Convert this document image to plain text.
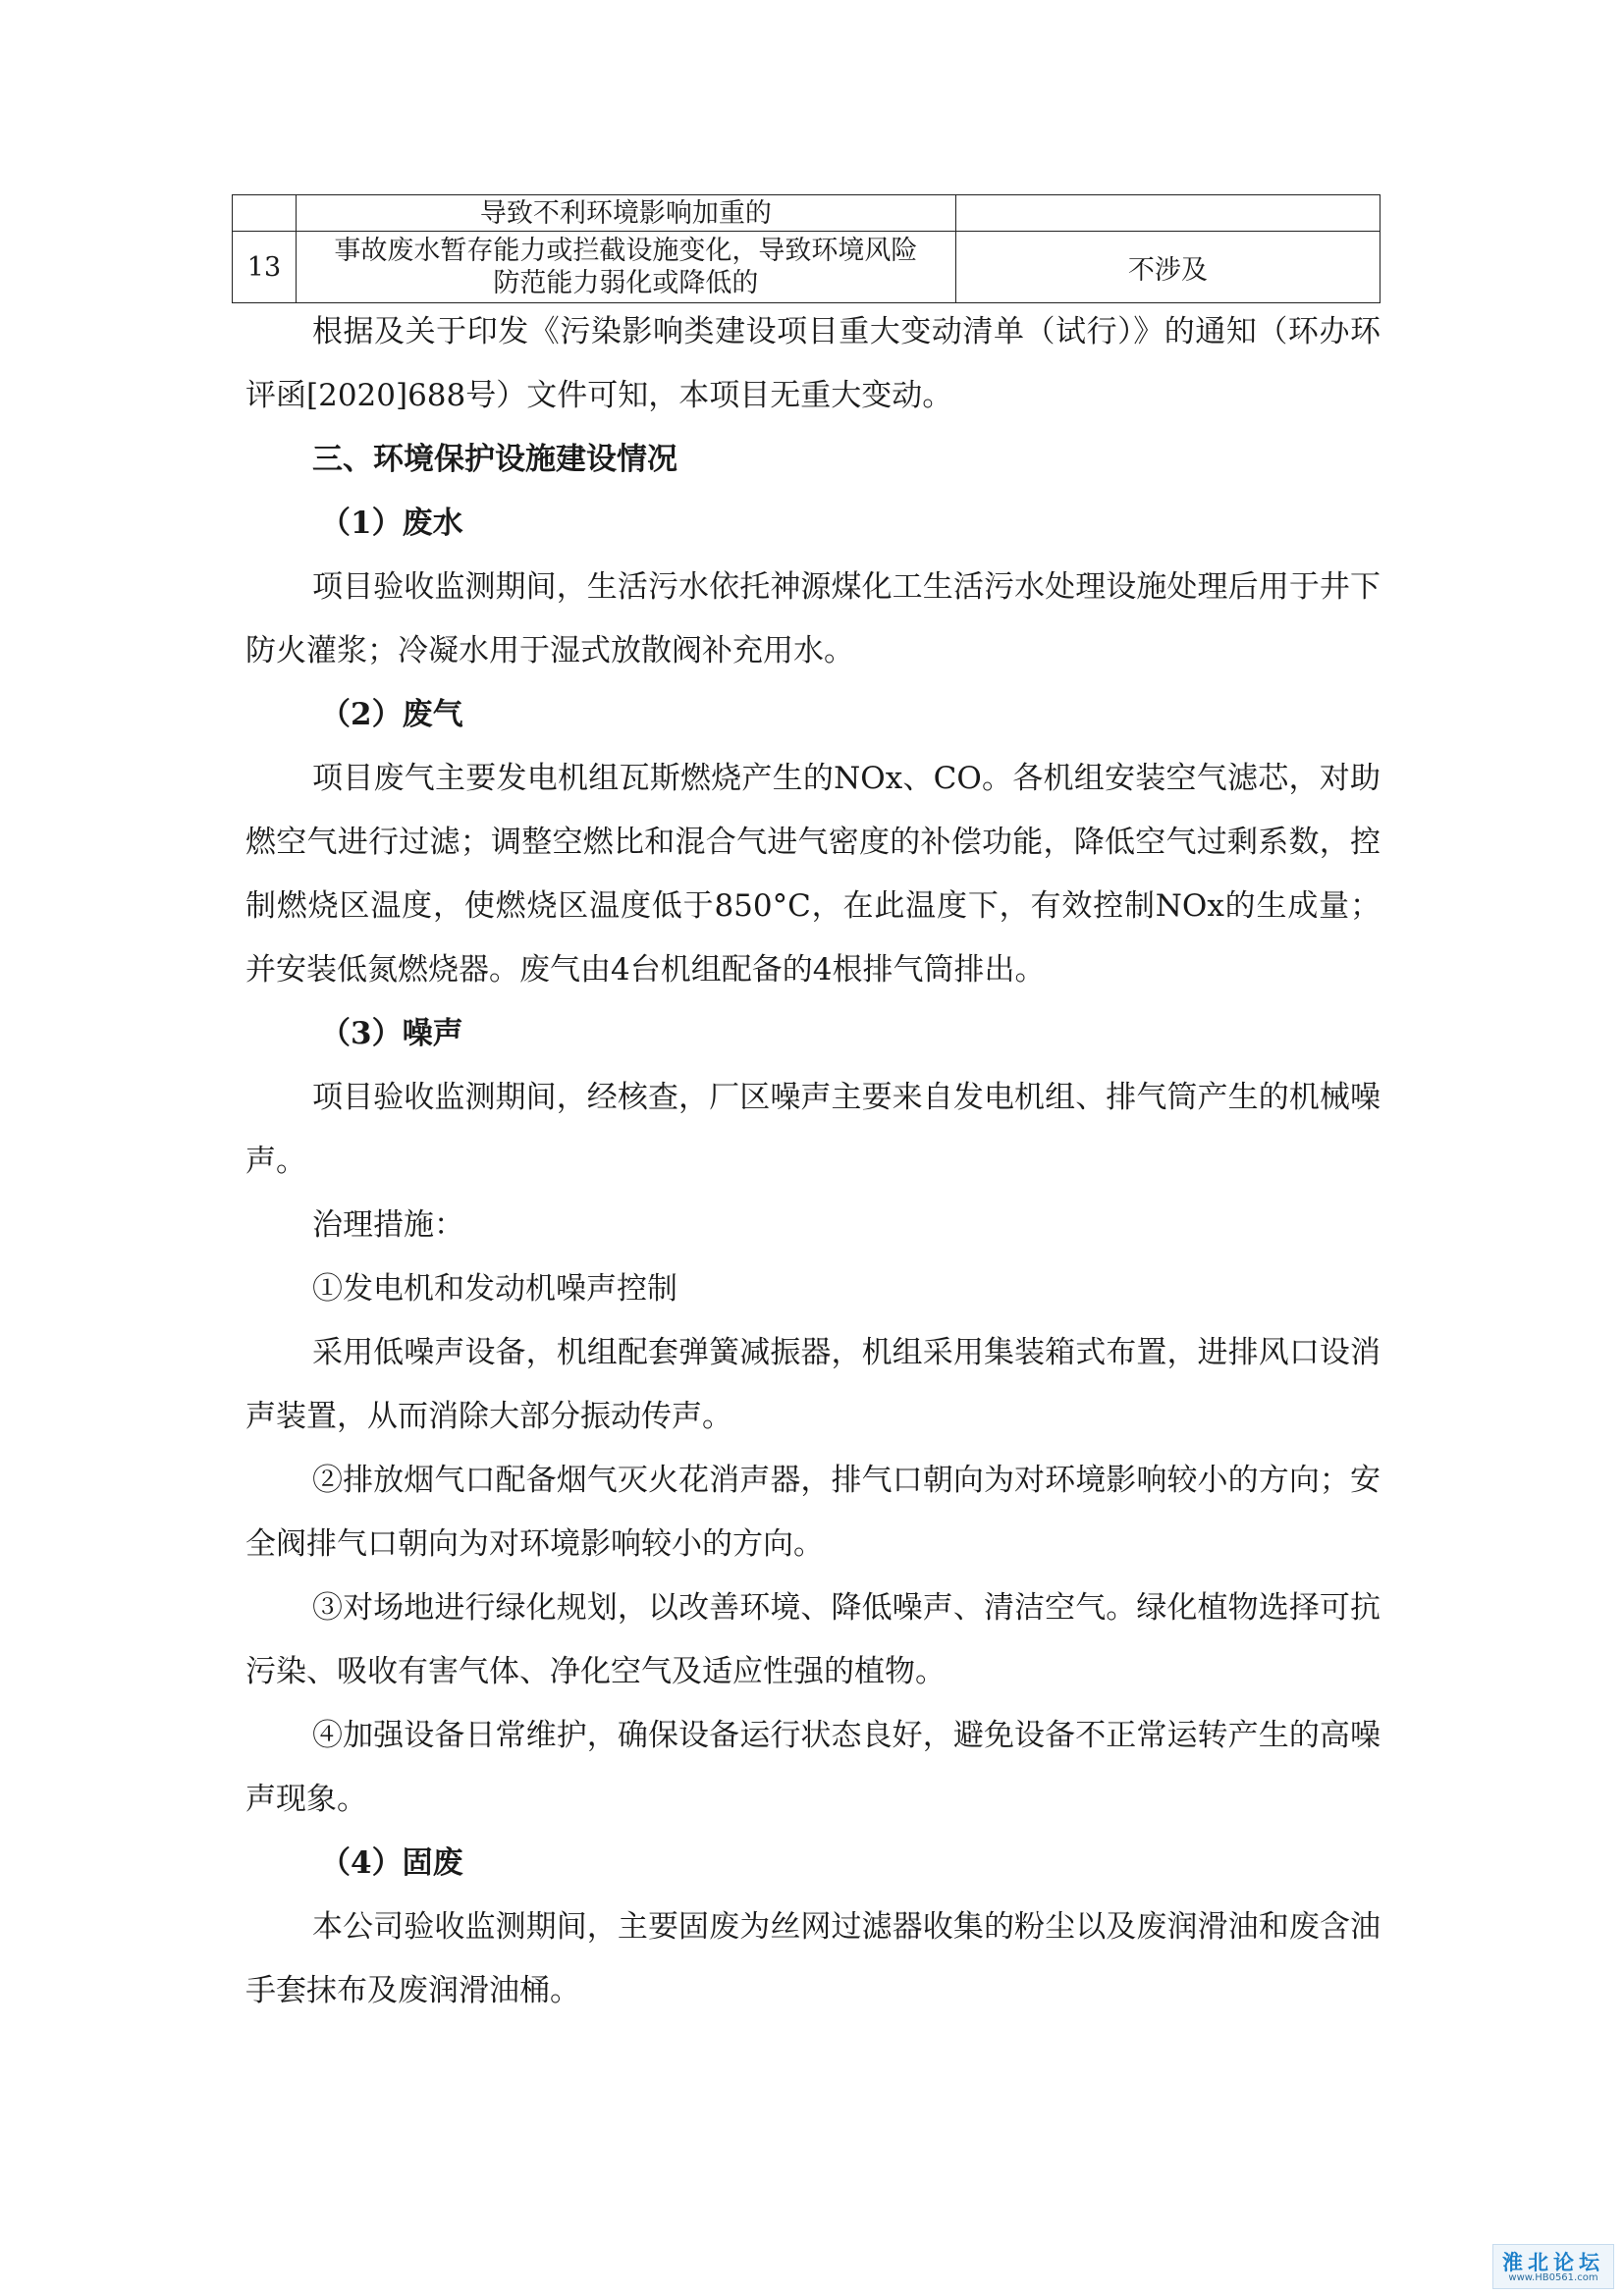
	导致不利环境影响加重的	
13	事故废水暂存能力或拦截设施变化，导致环境风险
防范能力弱化或降低的	不涉及

根据及关于印发《污染影响类建设项目重大变动清单（试行）》的通知（环办环评函[2020]688号）文件可知，本项目无重大变动。

三、环境保护设施建设情况
（1）废水

项目验收监测期间，生活污水依托神源煤化工生活污水处理设施处理后用于井下防火灌浆；冷凝水用于湿式放散阀补充用水。

（2）废气

项目废气主要发电机组瓦斯燃烧产生的NOx、CO。各机组安装空气滤芯，对助燃空气进行过滤；调整空燃比和混合气进气密度的补偿功能，降低空气过剩系数，控制燃烧区温度，使燃烧区温度低于850°C，在此温度下，有效控制NOx的生成量；并安装低氮燃烧器。废气由4台机组配备的4根排气筒排出。

（3）噪声

项目验收监测期间，经核查，厂区噪声主要来自发电机组、排气筒产生的机械噪声。

治理措施：

①发电机和发动机噪声控制

采用低噪声设备，机组配套弹簧减振器，机组采用集装箱式布置，进排风口设消声装置，从而消除大部分振动传声。

②排放烟气口配备烟气灭火花消声器，排气口朝向为对环境影响较小的方向；安全阀排气口朝向为对环境影响较小的方向。

③对场地进行绿化规划，以改善环境、降低噪声、清洁空气。绿化植物选择可抗污染、吸收有害气体、净化空气及适应性强的植物。

④加强设备日常维护，确保设备运行状态良好，避免设备不正常运转产生的高噪声现象。

（4）固废

本公司验收监测期间，主要固废为丝网过滤器收集的粉尘以及废润滑油和废含油手套抹布及废润滑油桶。

淮北论坛
www.HB0561.com
